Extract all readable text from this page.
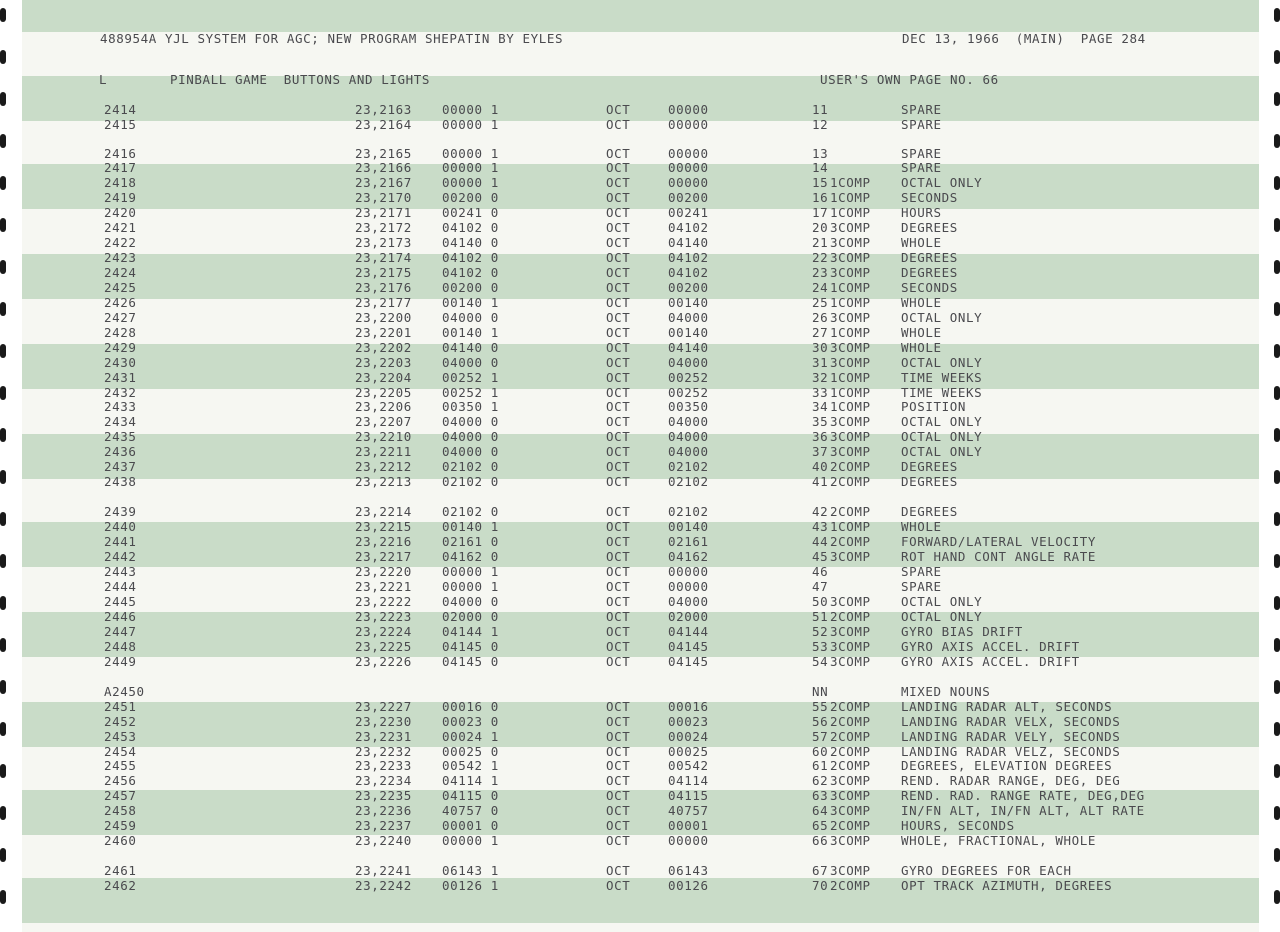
488954A YJL SYSTEM FOR AGC; NEW PROGRAM SHEPATIN BY EYLES	DEC 13, 1966  (MAIN)  PAGE 284
L	PINBALL GAME  BUTTONS AND LIGHTS	USER'S OWN PAGE NO. 66
2414	23,2163 00000 1	OCT	00000	11	SPARE
2415	23,2164 00000 1	OCT	00000	12	SPARE
2416	23,2165 00000 1	OCT	00000	13	SPARE
2417	23,2166 00000 1	OCT	00000	14	SPARE
2418	23,2167 00000 1	OCT	00000	15 1COMP OCTAL ONLY
2419	23,2170 00200 0	OCT	00200	16 1COMP SECONDS
2420	23,2171 00241 0	OCT	00241	17 1COMP HOURS
2421	23,2172 04102 0	OCT	04102	20 3COMP DEGREES
2422	23,2173 04140 0	OCT	04140	21 3COMP WHOLE
2423	23,2174 04102 0	OCT	04102	22 3COMP DEGREES
2424	23,2175 04102 0	OCT	04102	23 3COMP DEGREES
2425	23,2176 00200 0	OCT	00200	24 1COMP SECONDS
2426	23,2177 00140 1	OCT	00140	25 1COMP WHOLE
2427	23,2200 04000 0	OCT	04000	26 3COMP OCTAL ONLY
2428	23,2201 00140 1	OCT	00140	27 1COMP WHOLE
2429	23,2202 04140 0	OCT	04140	30 3COMP WHOLE
2430	23,2203 04000 0	OCT	04000	31 3COMP OCTAL ONLY
2431	23,2204 00252 1	OCT	00252	32 1COMP TIME WEEKS
2432	23,2205 00252 1	OCT	00252	33 1COMP TIME WEEKS
2433	23,2206 00350 1	OCT	00350	34 1COMP POSITION
2434	23,2207 04000 0	OCT	04000	35 3COMP OCTAL ONLY
2435	23,2210 04000 0	OCT	04000	36 3COMP OCTAL ONLY
2436	23,2211 04000 0	OCT	04000	37 3COMP OCTAL ONLY
2437	23,2212 02102 0	OCT	02102	40 2COMP DEGREES
2438	23,2213 02102 0	OCT	02102	41 2COMP DEGREES
2439	23,2214 02102 0	OCT	02102	42 2COMP DEGREES
2440	23,2215 00140 1	OCT	00140	43 1COMP WHOLE
2441	23,2216 02161 0	OCT	02161	44 2COMP FORWARD/LATERAL VELOCITY
2442	23,2217 04162 0	OCT	04162	45 3COMP ROT HAND CONT ANGLE RATE
2443	23,2220 00000 1	OCT	00000	46	SPARE
2444	23,2221 00000 1	OCT	00000	47	SPARE
2445	23,2222 04000 0	OCT	04000	50 3COMP OCTAL ONLY
2446	23,2223 02000 0	OCT	02000	51 2COMP OCTAL ONLY
2447	23,2224 04144 1	OCT	04144	52 3COMP GYRO BIAS DRIFT
2448	23,2225 04145 0	OCT	04145	53 3COMP GYRO AXIS ACCEL. DRIFT
2449	23,2226 04145 0	OCT	04145	54 3COMP GYRO AXIS ACCEL. DRIFT
A2450	NN	MIXED NOUNS
2451	23,2227 00016 0	OCT	00016	55 2COMP LANDING RADAR ALT, SECONDS
2452	23,2230 00023 0	OCT	00023	56 2COMP LANDING RADAR VELX, SECONDS
2453	23,2231 00024 1	OCT	00024	57 2COMP LANDING RADAR VELY, SECONDS
2454	23,2232 00025 0	OCT	00025	60 2COMP LANDING RADAR VELZ, SECONDS
2455	23,2233 00542 1	OCT	00542	61 2COMP DEGREES, ELEVATION DEGREES
2456	23,2234 04114 1	OCT	04114	62 3COMP REND. RADAR RANGE, DEG, DEG
2457	23,2235 04115 0	OCT	04115	63 3COMP REND. RAD. RANGE RATE, DEG,DEG
2458	23,2236 40757 0	OCT	40757	64 3COMP IN/FN ALT, IN/FN ALT, ALT RATE
2459	23,2237 00001 0	OCT	00001	65 2COMP HOURS, SECONDS
2460	23,2240 00000 1	OCT	00000	66 3COMP WHOLE, FRACTIONAL, WHOLE
2461	23,2241 06143 1	OCT	06143	67 3COMP GYRO DEGREES FOR EACH
2462	23,2242 00126 1	OCT	00126	70 2COMP OPT TRACK AZIMUTH, DEGREES
